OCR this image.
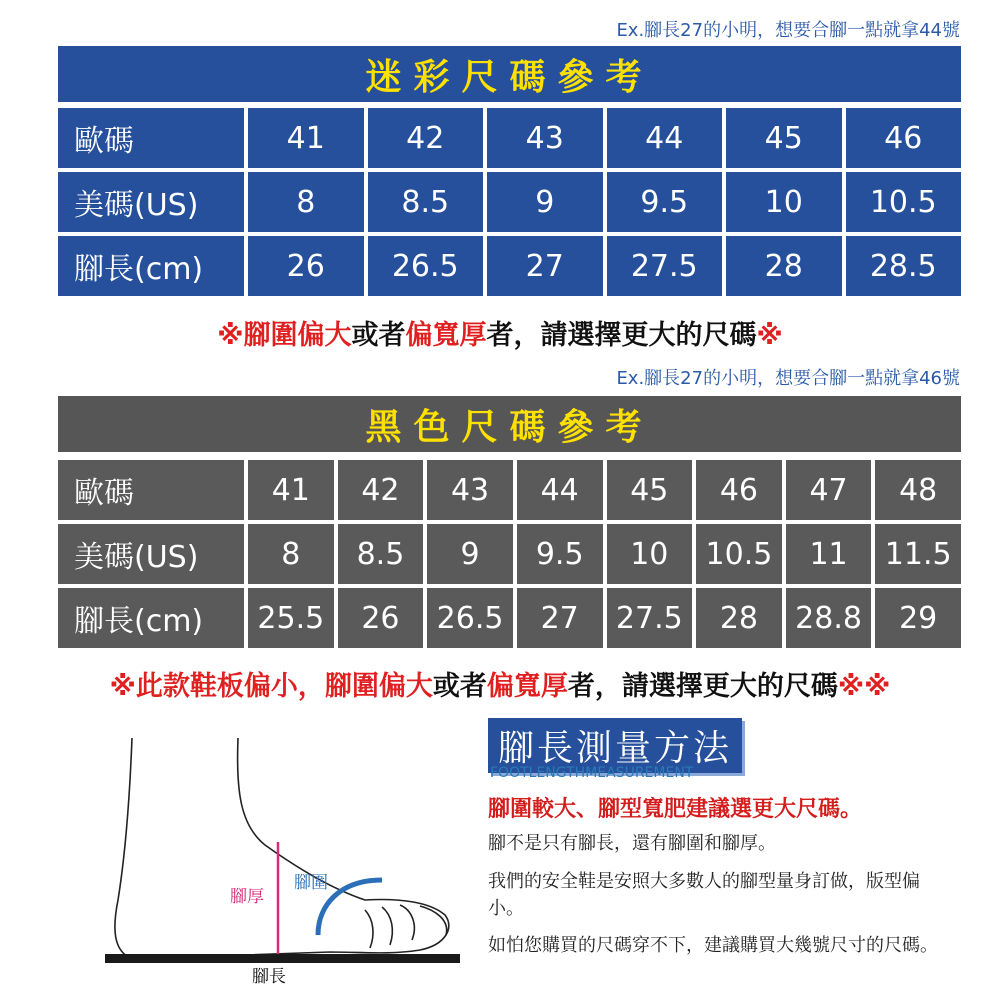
Ex.腳長27的小明，想要合腳一點就拿44號
迷彩尺碼參考
歐碼	41	42	43	44	45	46
美碼(US)	8	8.5	9	9.5	10	10.5
腳長(cm)	26	26.5	27	27.5	28	28.5
※腳圍偏大或者偏寬厚者，請選擇更大的尺碼※
Ex.腳長27的小明，想要合腳一點就拿46號
黑色尺碼參考
歐碼	41	42	43	44	45	46	47	48
美碼(US)	8	8.5	9	9.5	10	10.5	11	11.5
腳長(cm)	25.5	26	26.5	27	27.5	28	28.8	29
※此款鞋板偏小，腳圍偏大或者偏寬厚者，請選擇更大的尺碼※※
腳厚
腳圍
腳長
腳長測量方法
FOOTLENGTHMEASUREMENT
腳圍較大、腳型寬肥建議選更大尺碼。
腳不是只有腳長，還有腳圍和腳厚。
我們的安全鞋是安照大多數人的腳型量身訂做，版型偏小。
如怕您購買的尺碼穿不下，建議購買大幾號尺寸的尺碼。
